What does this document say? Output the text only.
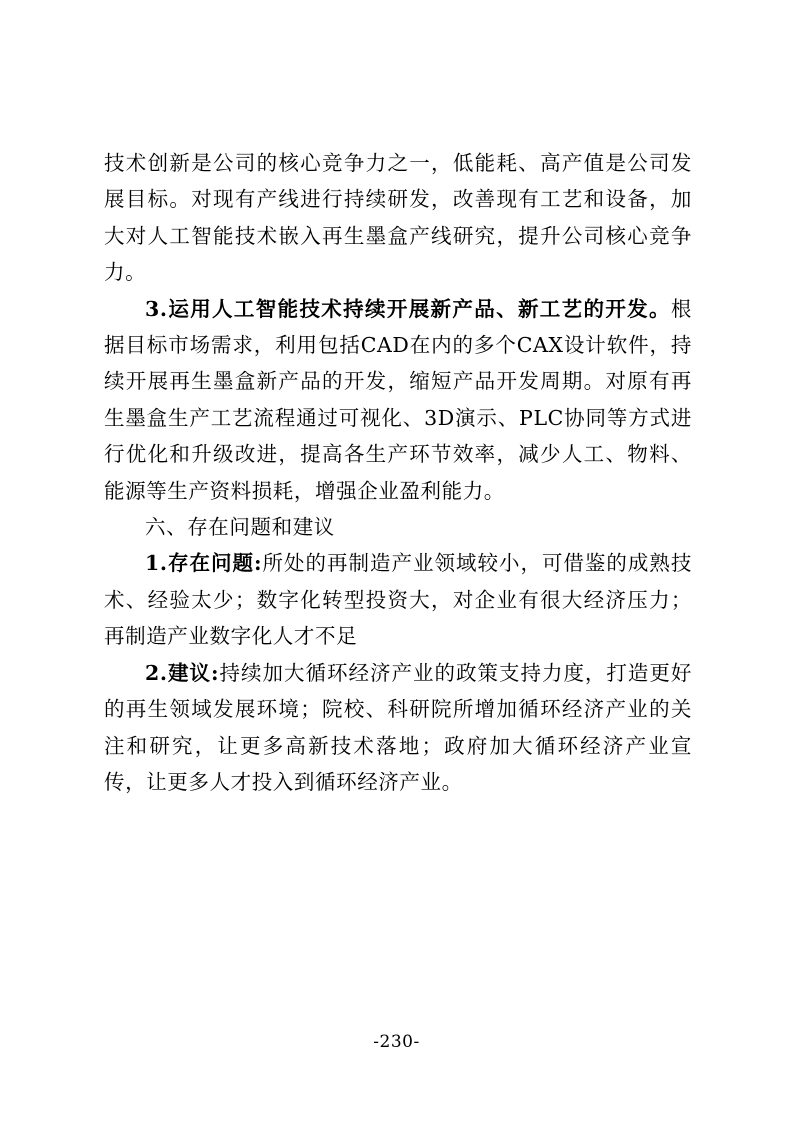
技术创新是公司的核心竞争力之一，低能耗、高产值是公司发展目标。对现有产线进行持续研发，改善现有工艺和设备，加大对人工智能技术嵌入再生墨盒产线研究，提升公司核心竞争力。

3.运用人工智能技术持续开展新产品、新工艺的开发。根据目标市场需求，利用包括CAD在内的多个CAX设计软件，持续开展再生墨盒新产品的开发，缩短产品开发周期。对原有再生墨盒生产工艺流程通过可视化、3D演示、PLC协同等方式进行优化和升级改进，提高各生产环节效率，减少人工、物料、能源等生产资料损耗，增强企业盈利能力。

六、存在问题和建议

1.存在问题:所处的再制造产业领域较小，可借鉴的成熟技术、经验太少；数字化转型投资大，对企业有很大经济压力；再制造产业数字化人才不足

2.建议:持续加大循环经济产业的政策支持力度，打造更好的再生领域发展环境；院校、科研院所增加循环经济产业的关注和研究，让更多高新技术落地；政府加大循环经济产业宣传，让更多人才投入到循环经济产业。

-230-
